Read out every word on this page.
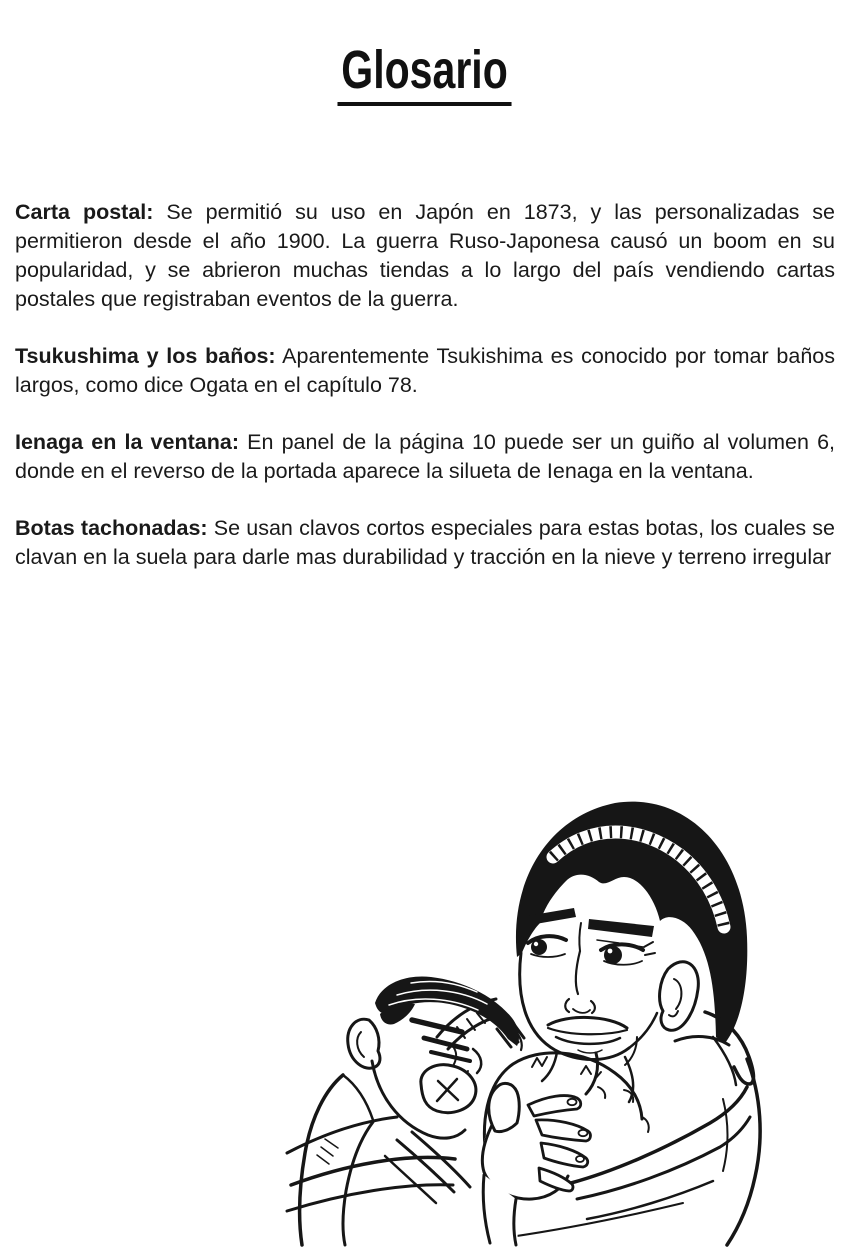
Glosario

Carta postal: Se permitió su uso en Japón en 1873, y las personalizadas se permitieron desde el año 1900. La guerra Ruso-Japonesa causó un boom en su popularidad, y se abrieron muchas tiendas a lo largo del país vendiendo cartas postales que registraban eventos de la guerra.

Tsukushima y los baños: Aparentemente Tsukishima es conocido por tomar baños largos, como dice Ogata en el capítulo 78.

Ienaga en la ventana: En panel de la página 10 puede ser un guiño al volumen 6, donde en el reverso de la portada aparece la silueta de Ienaga en la ventana.

Botas tachonadas: Se usan clavos cortos especiales para estas botas, los cuales se clavan en la suela para darle mas durabilidad y tracción en la nieve y terreno irregular
